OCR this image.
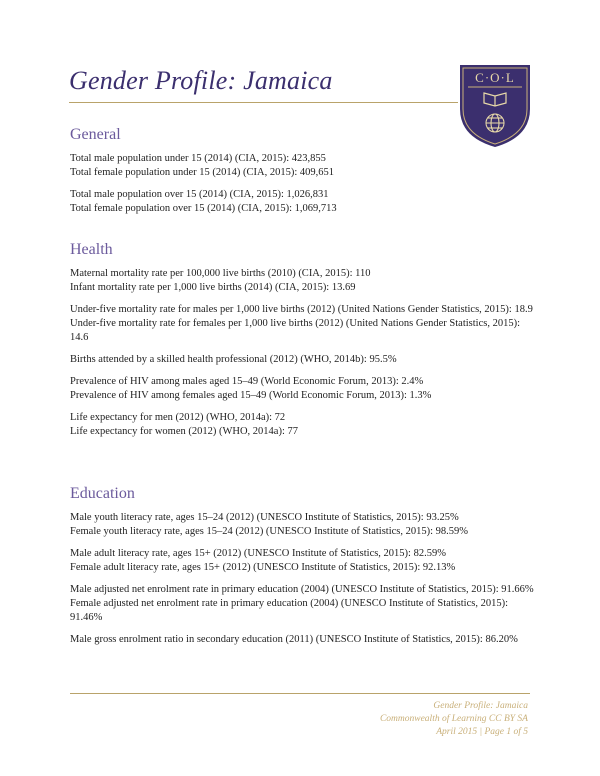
Gender Profile: Jamaica	C·O·L
General

Total male population under 15 (2014) (CIA, 2015): 423,855

Total female population under 15 (2014) (CIA, 2015): 409,651

Total male population over 15 (2014) (CIA, 2015): 1,026,831

Total female population over 15 (2014) (CIA, 2015): 1,069,713

Health

Maternal mortality rate per 100,000 live births (2010) (CIA, 2015): 110

Infant mortality rate per 1,000 live births (2014) (CIA, 2015): 13.69

Under-five mortality rate for males per 1,000 live births (2012) (United Nations Gender Statistics, 2015): 18.9

Under-five mortality rate for females per 1,000 live births (2012) (United Nations Gender Statistics, 2015): 14.6

Births attended by a skilled health professional (2012) (WHO, 2014b): 95.5%

Prevalence of HIV among males aged 15–49 (World Economic Forum, 2013): 2.4%

Prevalence of HIV among females aged 15–49 (World Economic Forum, 2013): 1.3%

Life expectancy for men (2012) (WHO, 2014a): 72

Life expectancy for women (2012) (WHO, 2014a): 77

Education

Male youth literacy rate, ages 15–24 (2012) (UNESCO Institute of Statistics, 2015): 93.25%

Female youth literacy rate, ages 15–24 (2012) (UNESCO Institute of Statistics, 2015): 98.59%

Male adult literacy rate, ages 15+ (2012) (UNESCO Institute of Statistics, 2015): 82.59%

Female adult literacy rate, ages 15+ (2012) (UNESCO Institute of Statistics, 2015): 92.13%

Male adjusted net enrolment rate in primary education (2004) (UNESCO Institute of Statistics, 2015): 91.66%

Female adjusted net enrolment rate in primary education (2004) (UNESCO Institute of Statistics, 2015): 91.46%

Male gross enrolment ratio in secondary education (2011) (UNESCO Institute of Statistics, 2015): 86.20%

Gender Profile: Jamaica
Commonwealth of Learning CC BY SA
April 2015 | Page 1 of 5
